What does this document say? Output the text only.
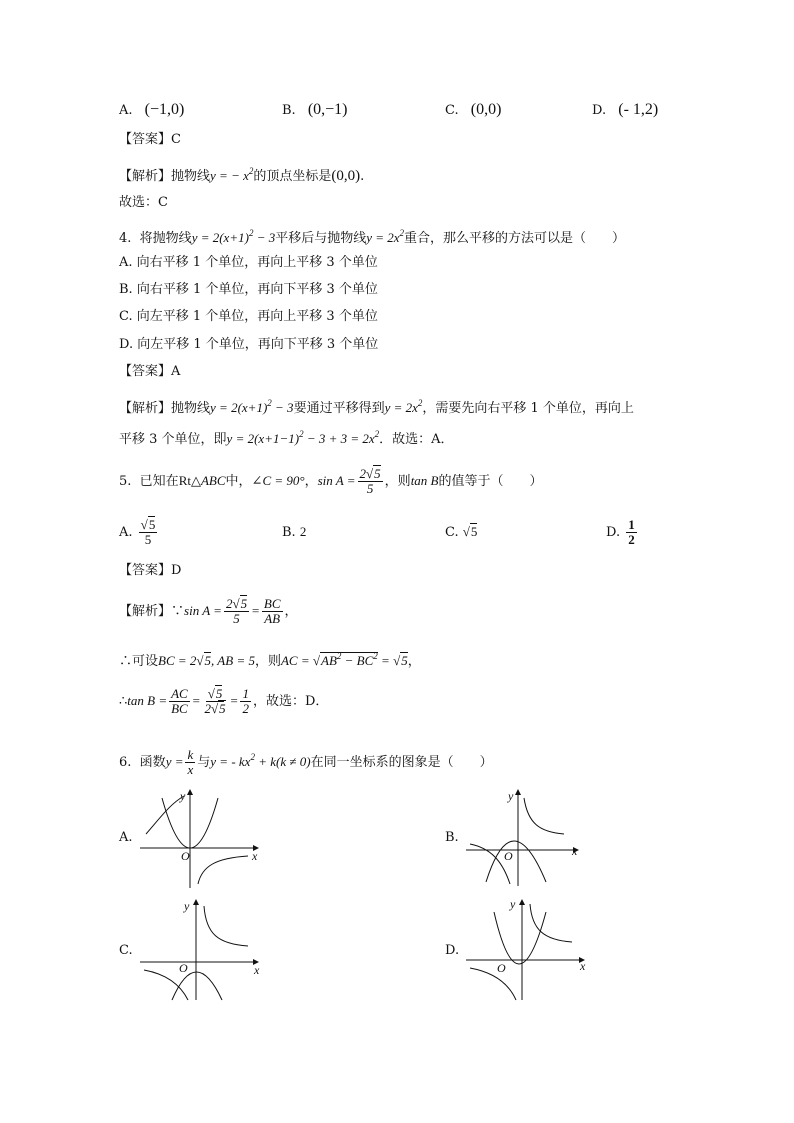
A. (−1,0)	B. (0,−1)	C. (0,0)	D. (- 1,2)
【答案】C
【解析】抛物线y = − $x^2$的顶点坐标是(0,0).
故选：C
4. 将抛物线$y = 2(x+1)^2 - 3$平移后与抛物线$y = 2x^2$重合，那么平移的方法可以是（　　）
A. 向右平移 1 个单位，再向上平移 3 个单位
B. 向右平移 1 个单位，再向下平移 3 个单位
C. 向左平移 1 个单位，再向上平移 3 个单位
D. 向左平移 1 个单位，再向下平移 3 个单位
【答案】A
【解析】抛物线$y = 2(x+1)^2 - 3$要通过平移得到$y = 2x^2$，需要先向右平移 1 个单位，再向上
平移 3 个单位，即$y = 2(x+1-1)^2 - 3 + 3 = 2x^2$．故选：A．
5. 已知在Rt△ABC中，∠C = 90°，$\sin A = \frac{2√5}{5}$ ，则tan B的值等于（　　）
A. $\frac{√5}{5}$	B. 2	C. √5	D. $\frac{1}{2}$
【答案】D
【解析】∵sin $A = \frac{2√5}{5} = \frac{BC}{AB}$ ，
∴可设BC = 2√5, AB = 5，则AC = $√AB^2 - BC^2 = √5$，
∴tan $B = \frac{AC}{BC} = \frac{√5}{2√5} = \frac{1}{2}$ ，故选：D．
6. 函数$y = \frac{k}{x}$ 与y = - $kx^2 + k(k \ne 0)$在同一坐标系的图象是（　　）
A.	B.
C.	D.
O	x
y
O	x
y
O	x
y
O	x
y
